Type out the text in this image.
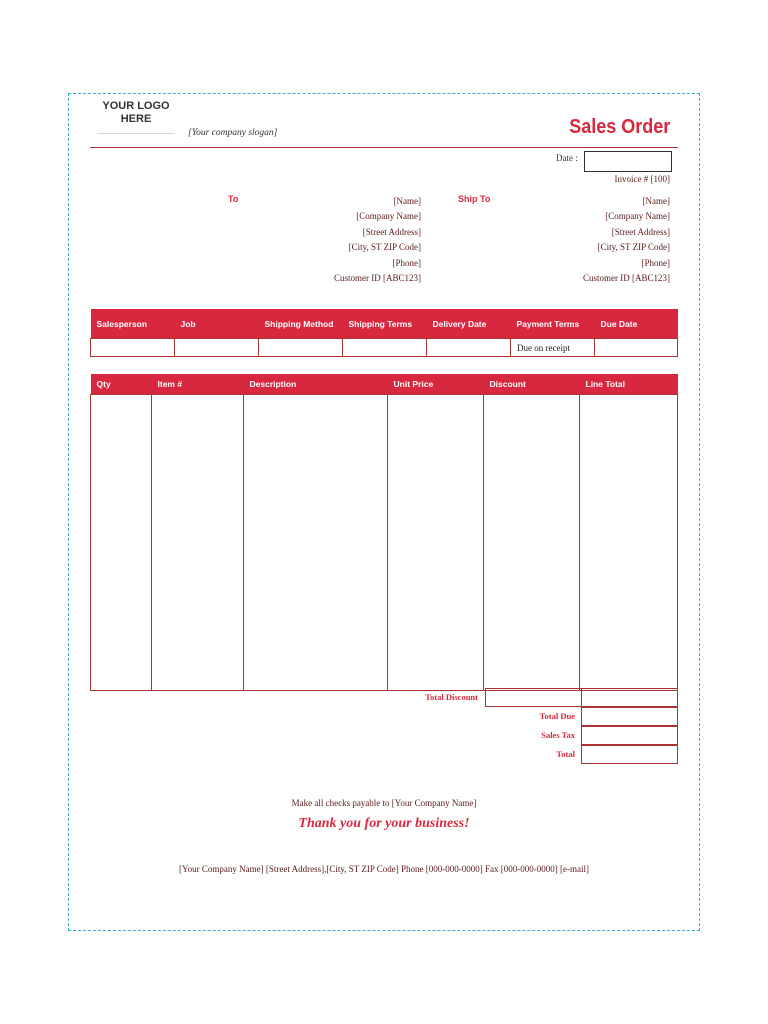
YOUR LOGO
HERE
[Your company slogan]	Sales Order
Date :
Invoice # [100]
To	[Name]
[Company Name]
[Street Address]
[City, ST ZIP Code]
[Phone]
Customer ID [ABC123]
Ship To	[Name]
[Company Name]
[Street Address]
[City, ST ZIP Code]
[Phone]
Customer ID [ABC123]
Salesperson	Job	Shipping Method	Shipping Terms	Delivery Date	Payment Terms	Due Date
					Due on receipt	
Qty	Item #	Description	Unit Price	Discount	Line Total

Total Discount
Total Due
Sales Tax
Total
Make all checks payable to [Your Company Name]
Thank you for your business!
[Your Company Name] [Street Address],[City, ST ZIP Code] Phone [000-000-0000] Fax [000-000-0000] [e-mail]
